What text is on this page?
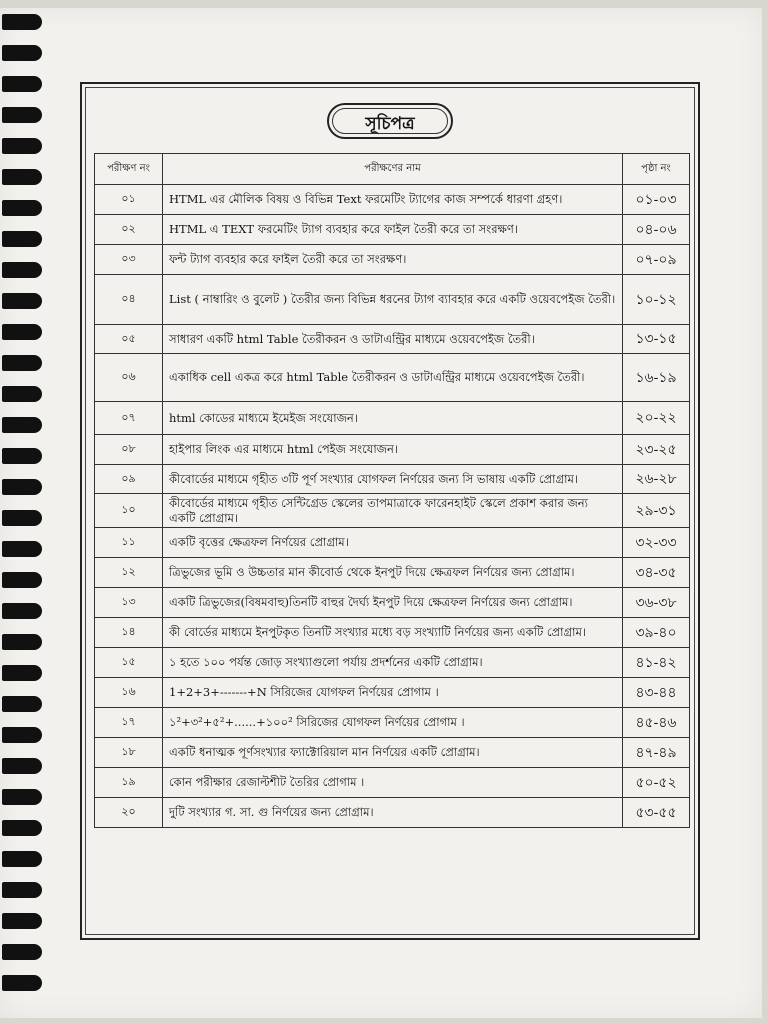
সূচিপত্র
পরীক্ষণ নং	পরীক্ষণের নাম	পৃষ্ঠা নং
০১	HTML এর মৌলিক বিষয় ও বিভিন্ন Text ফরমেটিং ট্যাগের কাজ সম্পর্কে ধারণা গ্রহণ।	০১-০৩
০২	HTML এ TEXT ফরমেটিং ট্যাগ ব্যবহার করে ফাইল তৈরী করে তা সংরক্ষণ।	০৪-০৬
০৩	ফন্ট ট্যাগ ব্যবহার করে ফাইল তৈরী করে তা সংরক্ষণ।	০৭-০৯
০৪	List ( নাম্বারিং ও বুলেট ) তৈরীর জন্য বিভিন্ন ধরনের ট্যাগ ব্যাবহার করে একটি ওয়েবপেইজ তৈরী।	১০-১২
০৫	সাধারণ একটি html Table তৈরীকরন ও ডাটাএন্ট্রির মাধ্যমে ওয়েবপেইজ তৈরী।	১৩-১৫
০৬	একাধিক cell একত্র করে html Table তৈরীকরন ও ডাটাএন্ট্রির মাধ্যমে ওয়েবপেইজ তৈরী।	১৬-১৯
০৭	html কোডের মাধ্যমে ইমেইজ সংযোজন।	২০-২২
০৮	হাইপার লিংক এর মাধ্যমে html পেইজ সংযোজন।	২৩-২৫
০৯	কীবোর্ডের মাধ্যমে গৃহীত ৩টি পূর্ণ সংখ্যার যোগফল নির্ণয়ের জন্য সি ভাষায় একটি প্রোগ্রাম।	২৬-২৮
১০	কীবোর্ডের মাধ্যমে গৃহীত সেন্টিগ্রেড স্কেলের তাপমাত্রাকে ফারেনহাইট স্কেলে প্রকাশ করার জন্য একটি প্রোগ্রাম।	২৯-৩১
১১	একটি বৃত্তের ক্ষেত্রফল নির্ণয়ের প্রোগ্রাম।	৩২-৩৩
১২	ত্রিভুজের ভূমি ও উচ্চতার মান কীবোর্ড থেকে ইনপুট দিয়ে ক্ষেত্রফল নির্ণয়ের জন্য প্রোগ্রাম।	৩৪-৩৫
১৩	একটি ত্রিভুজের(বিষমবাহু)তিনটি বাহুর দৈর্ঘ্য ইনপুট দিয়ে ক্ষেত্রফল নির্ণয়ের জন্য প্রোগ্রাম।	৩৬-৩৮
১৪	কী বোর্ডের মাধ্যমে ইনপুটকৃত তিনটি সংখ্যার মধ্যে বড় সংখ্যাটি নির্ণয়ের জন্য একটি প্রোগ্রাম।	৩৯-৪০
১৫	১ হতে ১০০ পর্যন্ত জোড় সংখ্যাগুলো পর্যায় প্রদর্শনের একটি প্রোগ্রাম।	৪১-৪২
১৬	1+2+3+-------+N সিরিজের যোগফল নির্ণয়ের প্রোগাম ।	৪৩-৪৪
১৭	১²+৩²+৫²+......+১০০² সিরিজের যোগফল নির্ণয়ের প্রোগাম ।	৪৫-৪৬
১৮	একটি ধনাত্মক পূর্ণসংখ্যার ফ্যাক্টোরিয়াল মান নির্ণয়ের একটি প্রোগ্রাম।	৪৭-৪৯
১৯	কোন পরীক্ষার রেজাল্টশীট তৈরির প্রোগাম ।	৫০-৫২
২০	দুটি সংখ্যার গ. সা. গু নির্ণয়ের জন্য প্রোগ্রাম।	৫৩-৫৫
